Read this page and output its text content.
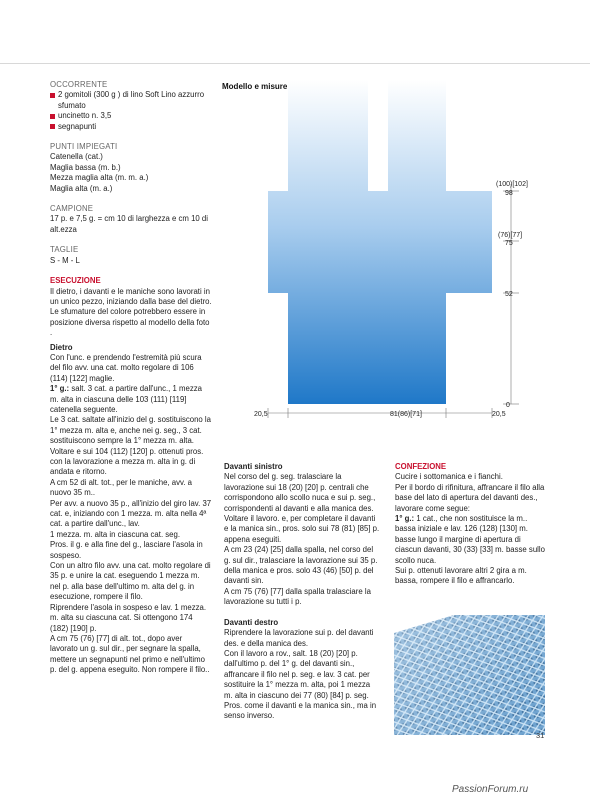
OCCORRENTE

2 gomitoli (300 g ) di lino Soft Lino azzurro sfumato
uncinetto n. 3,5
segnapunti

PUNTI IMPIEGATI

Catenella (cat.)

Maglia bassa (m. b.)

Mezza maglia alta (m. m. a.)

Maglia alta (m. a.)

CAMPIONE

17 p. e 7,5 g. = cm 10 di larghezza e cm 10 di alt.ezza

TAGLIE

S - M - L

ESECUZIONE

Il dietro, i davanti e le maniche sono lavorati in un unico pezzo, iniziando dalla base del dietro.

Le sfumature del colore potrebbero essere in posizione diversa rispetto al modello della foto

.

Dietro

Con l'unc. e prendendo l'estremità più scura del filo avv. una cat. molto regolare di 106 (114) [122] maglie.

1° g.: salt. 3 cat. a partire dall'unc., 1 mezza m. alta in ciascuna delle 103 (111) [119] catenella seguente.

Le 3 cat. saltate all'inizio del g. sostituiscono la 1° mezza m. alta e, anche nei g. seg., 3 cat. sostituiscono sempre la 1° mezza m. alta. Voltare e sui 104 (112) [120] p. ottenuti pros. con la lavorazione a mezza m. alta in g. di andata e ritorno.

A cm 52 di alt. tot., per le maniche, avv. a nuovo 35 m..

Per avv. a nuovo 35 p., all'inizio del giro lav. 37 cat. e, iniziando con 1 mezza. m. alta nella 4ª cat. a partire dall'unc., lav.

1 mezza. m. alta in ciascuna cat. seg.

Pros. il g. e alla fine del g., lasciare l'asola in sospeso.

Con un altro filo avv. una cat. molto regolare di 35 p. e unire la cat. eseguendo 1 mezza m. nel p. alla base dell'ultimo m. alta del g. in esecuzione, rompere il filo.

Riprendere l'asola in sospeso e lav. 1 mezza. m. alta su ciascuna cat. Si ottengono 174 (182) [190] p.

A cm 75 (76) [77] di alt. tot., dopo aver lavorato un g. sul dir., per segnare la spalla, mettere un segnapunti nel primo e nell'ultimo p. del g. appena eseguito. Non rompere il filo..

Modello e misure
(100)[102]
98
(76)[77]
75
52
0
20,5	81(86)[71]	20,5

Davanti sinistro

Nel corso del g. seg. tralasciare la lavorazione sui 18 (20) [20] p. centrali che corrispondono allo scollo nuca e sui p. seg., corrispondenti al davanti e alla manica des. Voltare il lavoro. e, per completare il davanti e la manica sin., pros. solo sui 78 (81) [85] p. appena eseguiti.

A cm 23 (24) [25] dalla spalla, nel corso del g. sul dir., tralasciare la lavorazione sui 35 p. della manica e pros. solo 43 (46) [50] p. del davanti sin.

A cm 75 (76) [77] dalla spalla tralasciare la lavorazione su tutti i p.

Davanti destro

Riprendere la lavorazione sui p. del davanti des. e della manica des.

Con il lavoro a rov., salt. 18 (20) [20] p. dall'ultimo p. del 1° g. del davanti sin., affrancare il filo nel p. seg. e lav. 3 cat. per sostituire la 1° mezza m. alta, poi 1 mezza m. alta in ciascuno dei 77 (80) [84] p. seg.

Pros. come il davanti e la manica sin., ma in senso inverso.

CONFEZIONE

Cucire i sottomanica e i fianchi.

Per il bordo di rifinitura, affrancare il filo alla base del lato di apertura del davanti des., lavorare come segue:

1° g.: 1 cat., che non sostituisce la m.. bassa iniziale e lav. 126 (128) [130] m. basse lungo il margine di apertura di ciascun davanti, 30 (33) [33] m. basse sullo scollo nuca.

Sui p. ottenuti lavorare altri 2 gira a m. bassa, rompere il filo e affrancarlo.

31
PassionForum.ru
